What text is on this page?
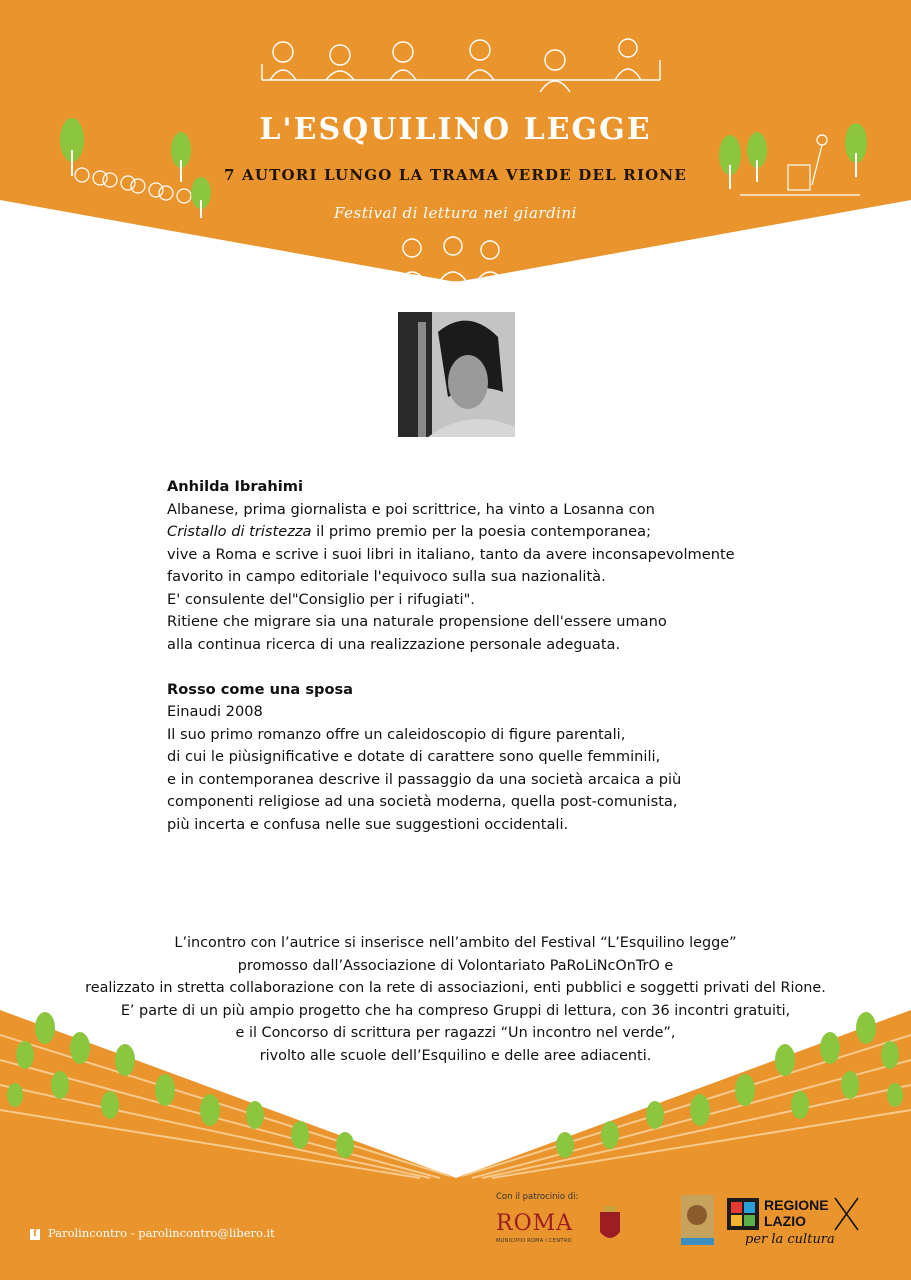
L'ESQUILINO LEGGE
7 AUTORI LUNGO LA TRAMA VERDE DEL RIONE
Festival di lettura nei giardini
Anhilda Ibrahimi
Albanese, prima giornalista e poi scrittrice, ha vinto a Losanna con
Cristallo di tristezza il primo premio per la poesia contemporanea;
vive a Roma e scrive i suoi libri in italiano, tanto da avere inconsapevolmente
favorito in campo editoriale l'equivoco sulla sua nazionalità.
E' consulente del"Consiglio per i rifugiati".
Ritiene che migrare sia una naturale propensione dell'essere umano
alla continua ricerca di una realizzazione personale adeguata.
Rosso come una sposa
Einaudi 2008
Il suo primo romanzo offre un caleidoscopio di figure parentali,
di cui le piùsignificative e dotate di carattere sono quelle femminili,
e in contemporanea descrive il passaggio da una società arcaica a più
componenti religiose ad una società moderna, quella post-comunista,
più incerta e confusa nelle sue suggestioni occidentali.
L’incontro con l’autrice si inserisce nell’ambito del Festival “L’Esquilino legge”
promosso dall’Associazione di Volontariato PaRoLiNcOnTrO e
realizzato in stretta collaborazione con la rete di associazioni, enti pubblici e soggetti privati del Rione.
E’ parte di un più ampio progetto che ha compreso Gruppi di lettura, con 36 incontri gratuiti,
e il Concorso di scrittura per ragazzi “Un incontro nel verde”,
rivolto alle scuole dell’Esquilino e delle aree adiacenti.
f Parolincontro - parolincontro@libero.it
Con il patrocinio di:
ROMA
MUNICIPIO ROMA I CENTRO
REGIONE
LAZIO
per la cultura
